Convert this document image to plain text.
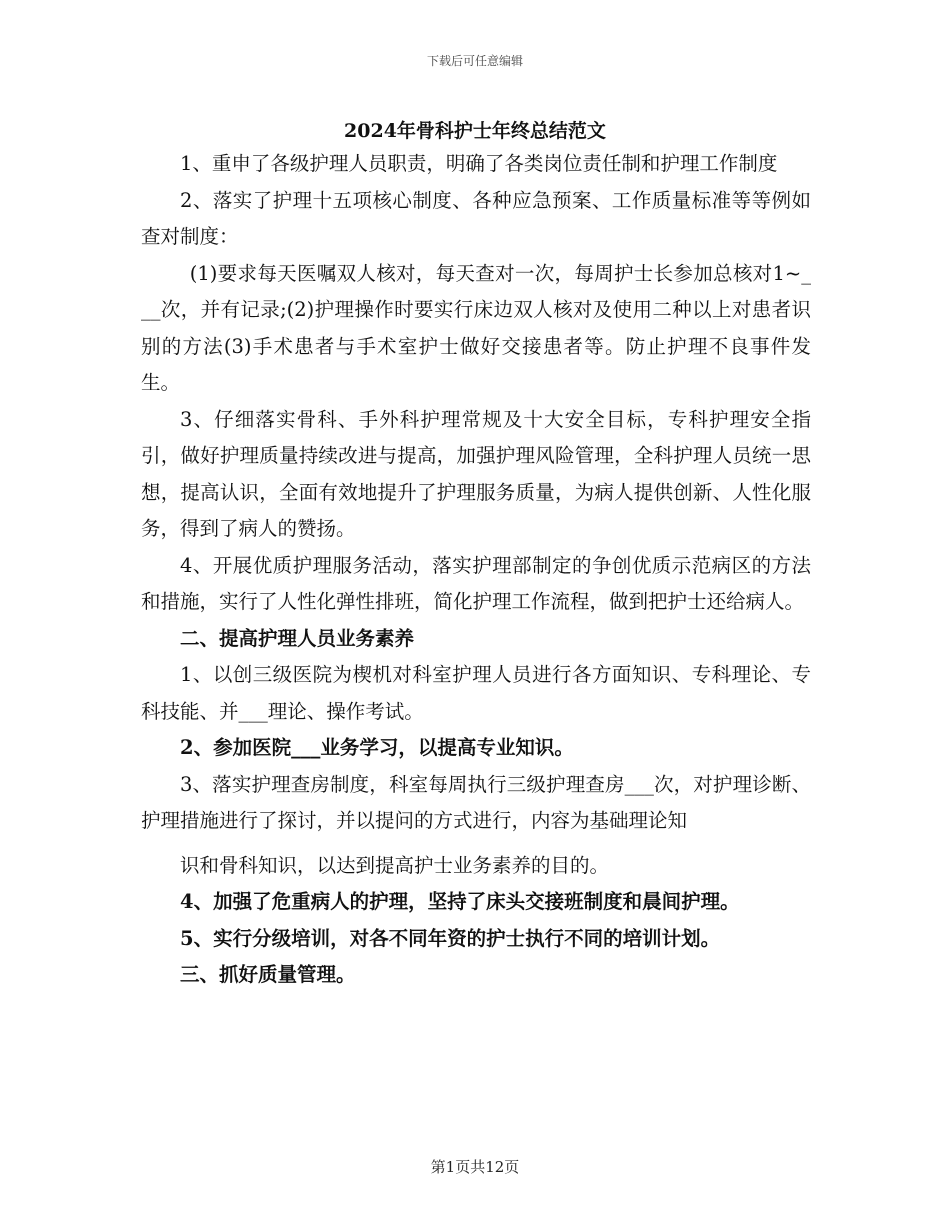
下载后可任意编辑
2024年骨科护士年终总结范文

1、重申了各级护理人员职责，明确了各类岗位责任制和护理工作制度

2、落实了护理十五项核心制度、各种应急预案、工作质量标准等等例如查对制度：

(1)要求每天医嘱双人核对，每天查对一次，每周护士长参加总核对1~___次，并有记录;(2)护理操作时要实行床边双人核对及使用二种以上对患者识别的方法(3)手术患者与手术室护士做好交接患者等。防止护理不良事件发生。

3、仔细落实骨科、手外科护理常规及十大安全目标，专科护理安全指引，做好护理质量持续改进与提高，加强护理风险管理，全科护理人员统一思想，提高认识，全面有效地提升了护理服务质量，为病人提供创新、人性化服务，得到了病人的赞扬。

4、开展优质护理服务活动，落实护理部制定的争创优质示范病区的方法和措施，实行了人性化弹性排班，简化护理工作流程，做到把护士还给病人。

二、提高护理人员业务素养

1、以创三级医院为楔机对科室护理人员进行各方面知识、专科理论、专科技能、并___理论、操作考试。

2、参加医院___业务学习，以提高专业知识。

3、落实护理查房制度，科室每周执行三级护理查房___次，对护理诊断、护理措施进行了探讨，并以提问的方式进行，内容为基础理论知

识和骨科知识，以达到提高护士业务素养的目的。

4、加强了危重病人的护理，坚持了床头交接班制度和晨间护理。

5、实行分级培训，对各不同年资的护士执行不同的培训计划。

三、抓好质量管理。

第1页共12页
